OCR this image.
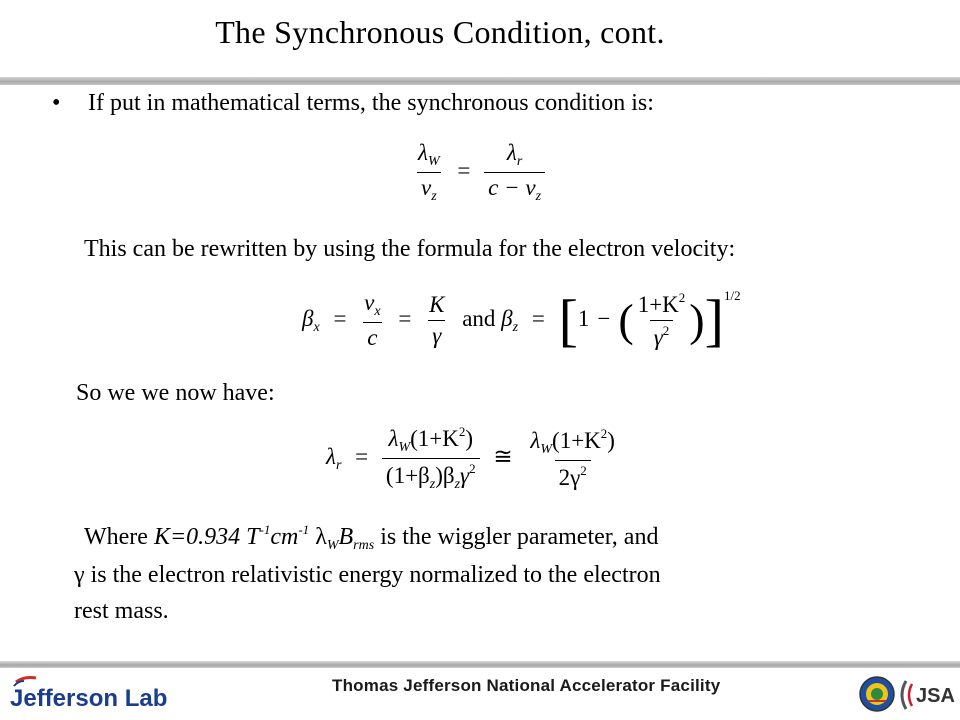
The Synchronous Condition, cont.
• If put in mathematical terms, the synchronous condition is:
$\frac{\lambda_W}{v_z} = \frac{\lambda_r}{c - v_z}$
This can be rewritten by using the formula for the electron velocity:
$\beta_x = \frac{v_x}{c} = \frac{K}{\gamma}$ and $\beta_z = [1$ − ( $\frac{1+K^2}{\gamma^2} )]^{1/2}$
So we we now have:
$\lambda_r = \frac{\lambda_W(1+K^2)}{(1+\beta_z)\beta_z\gamma^2}$ ≅ $\frac{\lambda_W(1+K^2)}{2\gamma^2}$
Where K=0.934 $T^{-1}cm^{-1}$ $\lambda_WB_{rms}$ is the wiggler parameter, and
γ is the electron relativistic energy normalized to the electron
rest mass.
Jefferson Lab	Thomas Jefferson National Accelerator Facility	JSA
